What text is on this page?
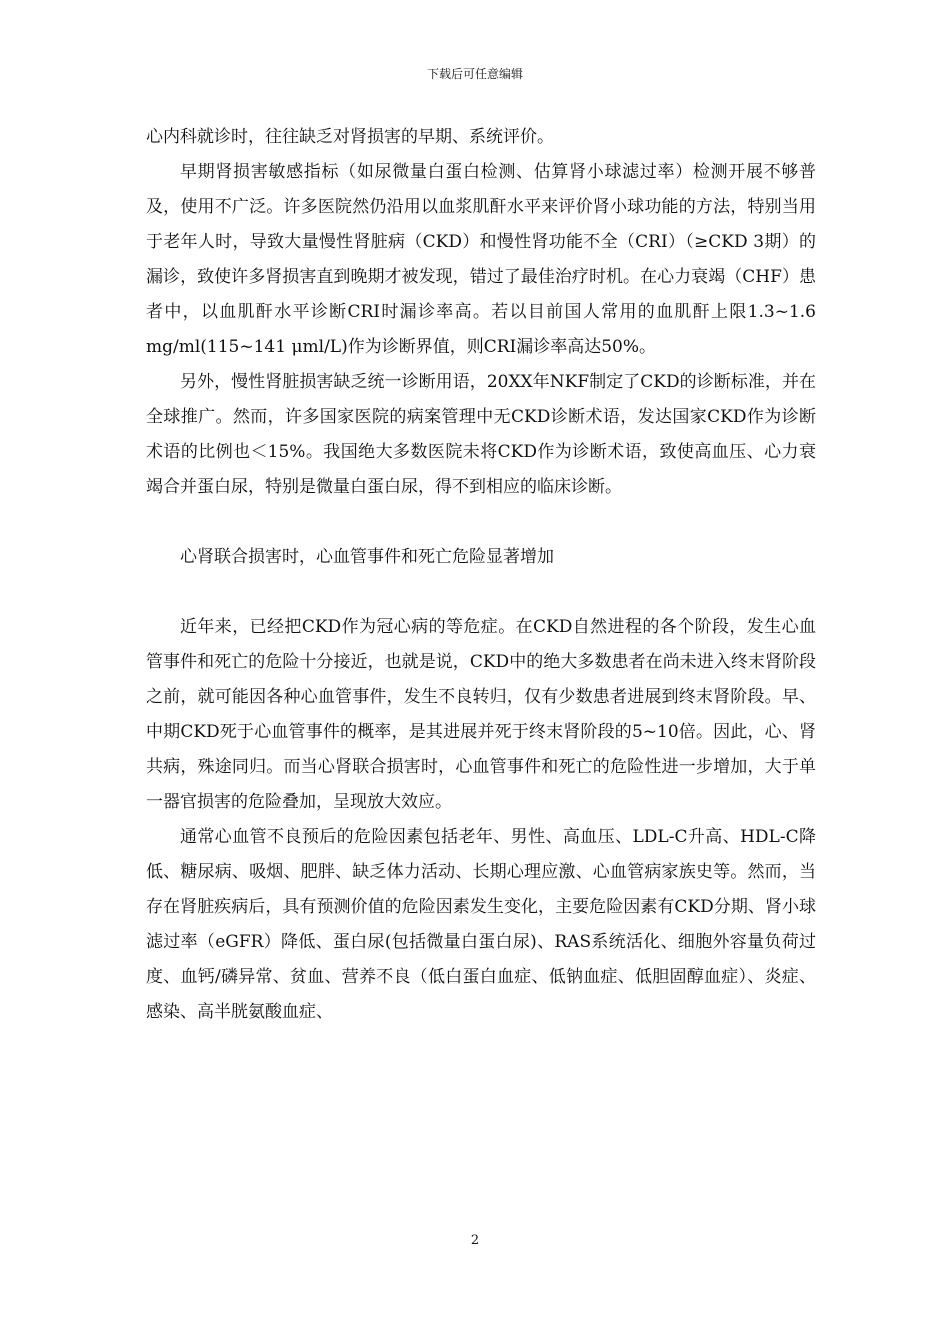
下载后可任意编辑

心内科就诊时，往往缺乏对肾损害的早期、系统评价。

早期肾损害敏感指标（如尿微量白蛋白检测、估算肾小球滤过率）检测开展不够普及，使用不广泛。许多医院然仍沿用以血浆肌酐水平来评价肾小球功能的方法，特别当用于老年人时，导致大量慢性肾脏病（CKD）和慢性肾功能不全（CRI）（≥CKD 3期）的漏诊，致使许多肾损害直到晚期才被发现，错过了最佳治疗时机。在心力衰竭（CHF）患者中，以血肌酐水平诊断CRI时漏诊率高。若以目前国人常用的血肌酐上限1.3~1.6 mg/ml(115~141 μml/L)作为诊断界值，则CRI漏诊率高达50%。

另外，慢性肾脏损害缺乏统一诊断用语，20XX年NKF制定了CKD的诊断标准，并在全球推广。然而，许多国家医院的病案管理中无CKD诊断术语，发达国家CKD作为诊断术语的比例也＜15%。我国绝大多数医院未将CKD作为诊断术语，致使高血压、心力衰竭合并蛋白尿，特别是微量白蛋白尿，得不到相应的临床诊断。

心肾联合损害时，心血管事件和死亡危险显著增加

近年来，已经把CKD作为冠心病的等危症。在CKD自然进程的各个阶段，发生心血管事件和死亡的危险十分接近，也就是说，CKD中的绝大多数患者在尚未进入终末肾阶段之前，就可能因各种心血管事件，发生不良转归，仅有少数患者进展到终末肾阶段。早、中期CKD死于心血管事件的概率，是其进展并死于终末肾阶段的5~10倍。因此，心、肾共病，殊途同归。而当心肾联合损害时，心血管事件和死亡的危险性进一步增加，大于单一器官损害的危险叠加，呈现放大效应。

通常心血管不良预后的危险因素包括老年、男性、高血压、LDL-C升高、HDL-C降低、糖尿病、吸烟、肥胖、缺乏体力活动、长期心理应激、心血管病家族史等。然而，当存在肾脏疾病后，具有预测价值的危险因素发生变化，主要危险因素有CKD分期、肾小球滤过率（eGFR）降低、蛋白尿(包括微量白蛋白尿)、RAS系统活化、细胞外容量负荷过度、血钙/磷异常、贫血、营养不良（低白蛋白血症、低钠血症、低胆固醇血症）、炎症、感染、高半胱氨酸血症、

2
